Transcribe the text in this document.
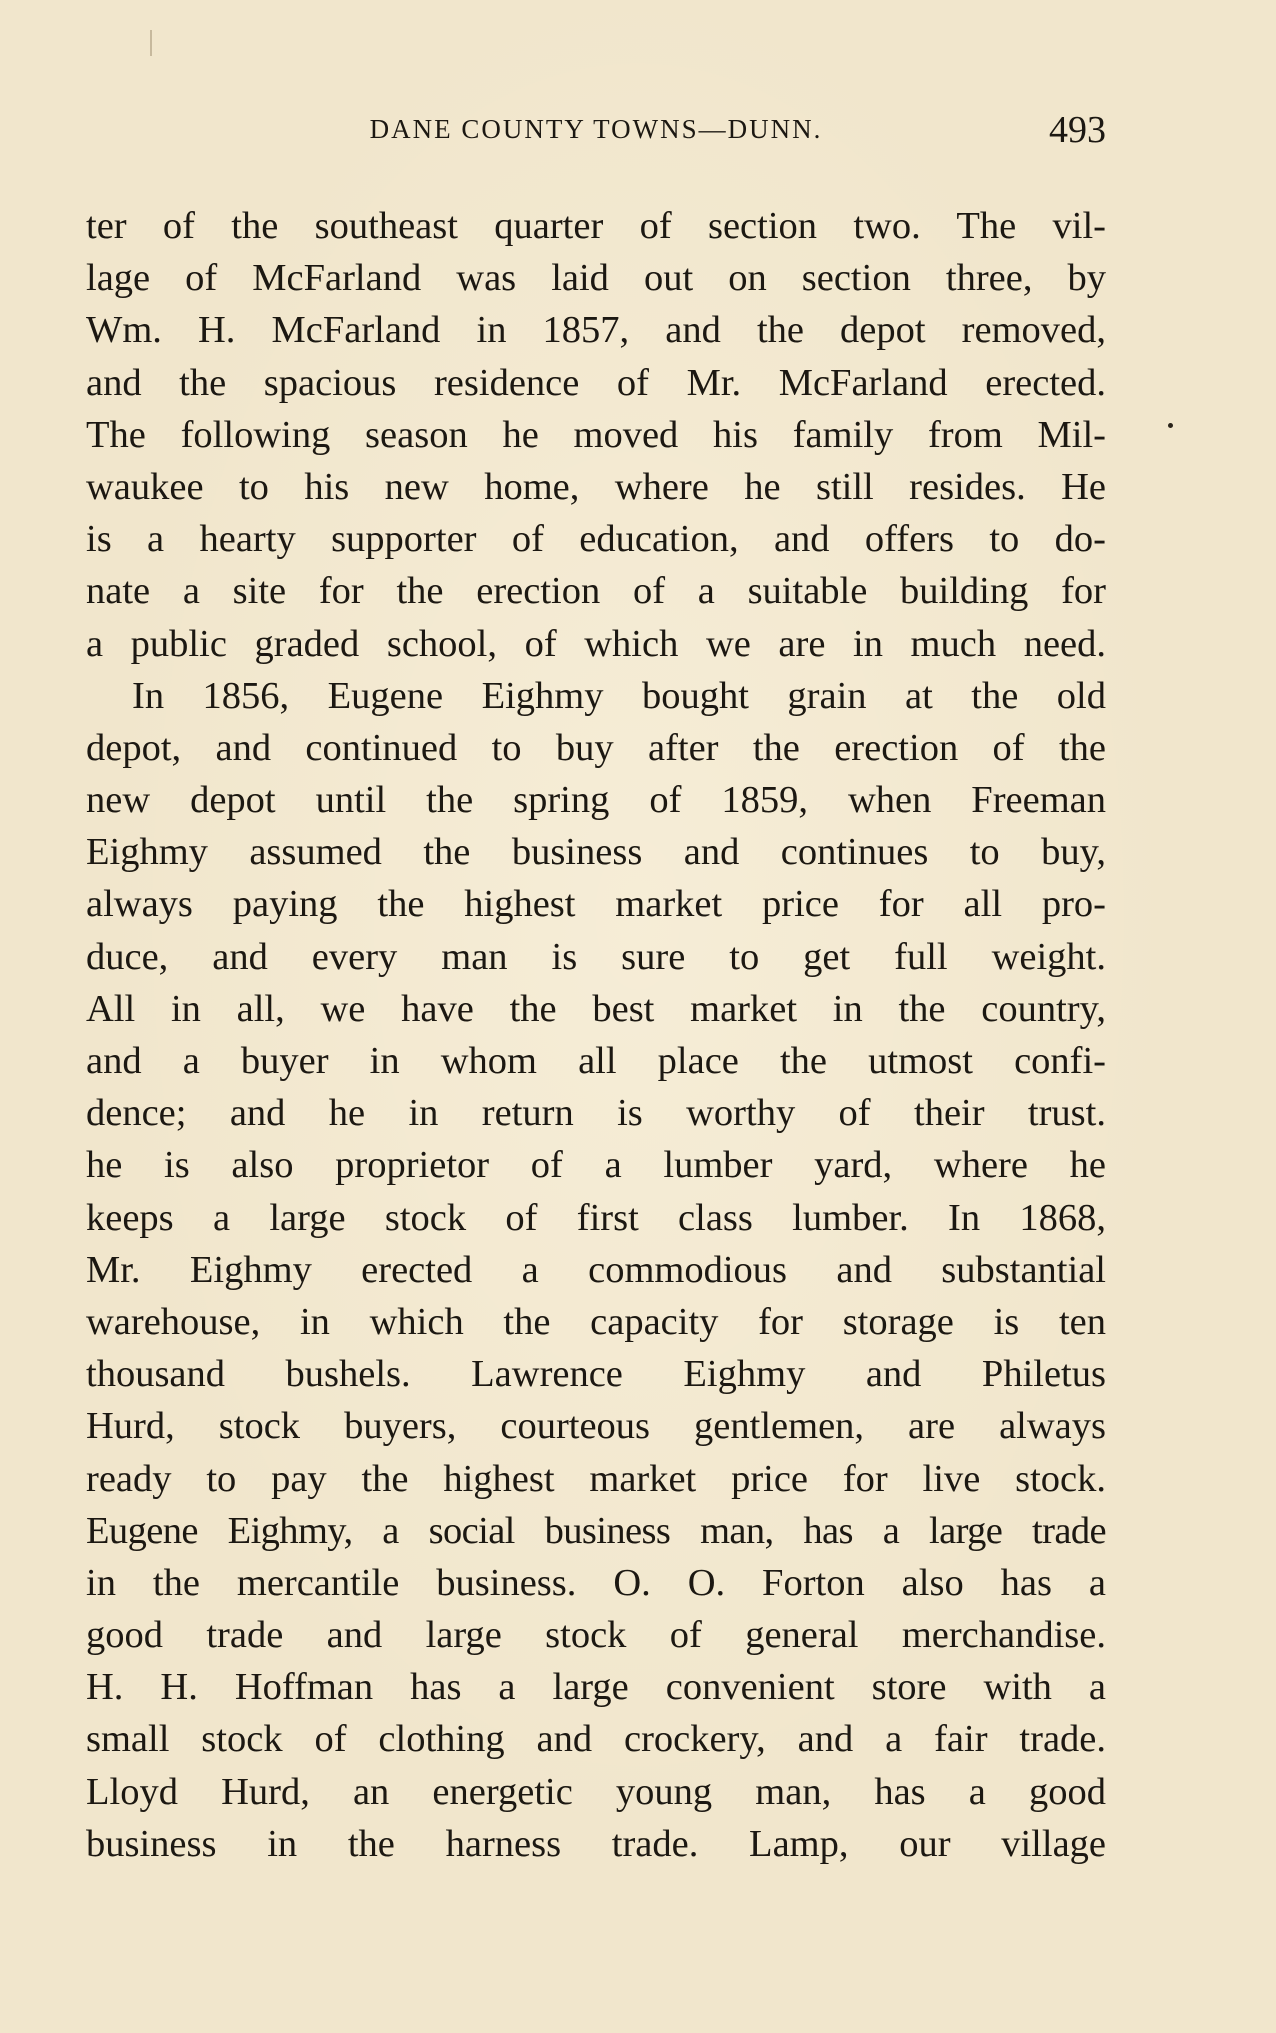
DANE COUNTY TOWNS—DUNN.	493
ter of the southeast quarter of section two. The vil-
lage of McFarland was laid out on section three, by
Wm. H. McFarland in 1857, and the depot removed,
and the spacious residence of Mr. McFarland erected.
The following season he moved his family from Mil-
waukee to his new home, where he still resides. He
is a hearty supporter of education, and offers to do-
nate a site for the erection of a suitable building for
a public graded school, of which we are in much need.
In 1856, Eugene Eighmy bought grain at the old
depot, and continued to buy after the erection of the
new depot until the spring of 1859, when Freeman
Eighmy assumed the business and continues to buy,
always paying the highest market price for all pro-
duce, and every man is sure to get full weight.
All in all, we have the best market in the country,
and a buyer in whom all place the utmost confi-
dence; and he in return is worthy of their trust.
he is also proprietor of a lumber yard, where he
keeps a large stock of first class lumber. In 1868,
Mr. Eighmy erected a commodious and substantial
warehouse, in which the capacity for storage is ten
thousand bushels. Lawrence Eighmy and Philetus
Hurd, stock buyers, courteous gentlemen, are always
ready to pay the highest market price for live stock.
Eugene Eighmy, a social business man, has a large trade
in the mercantile business. O. O. Forton also has a
good trade and large stock of general merchandise.
H. H. Hoffman has a large convenient store with a
small stock of clothing and crockery, and a fair trade.
Lloyd Hurd, an energetic young man, has a good
business in the harness trade. Lamp, our village
